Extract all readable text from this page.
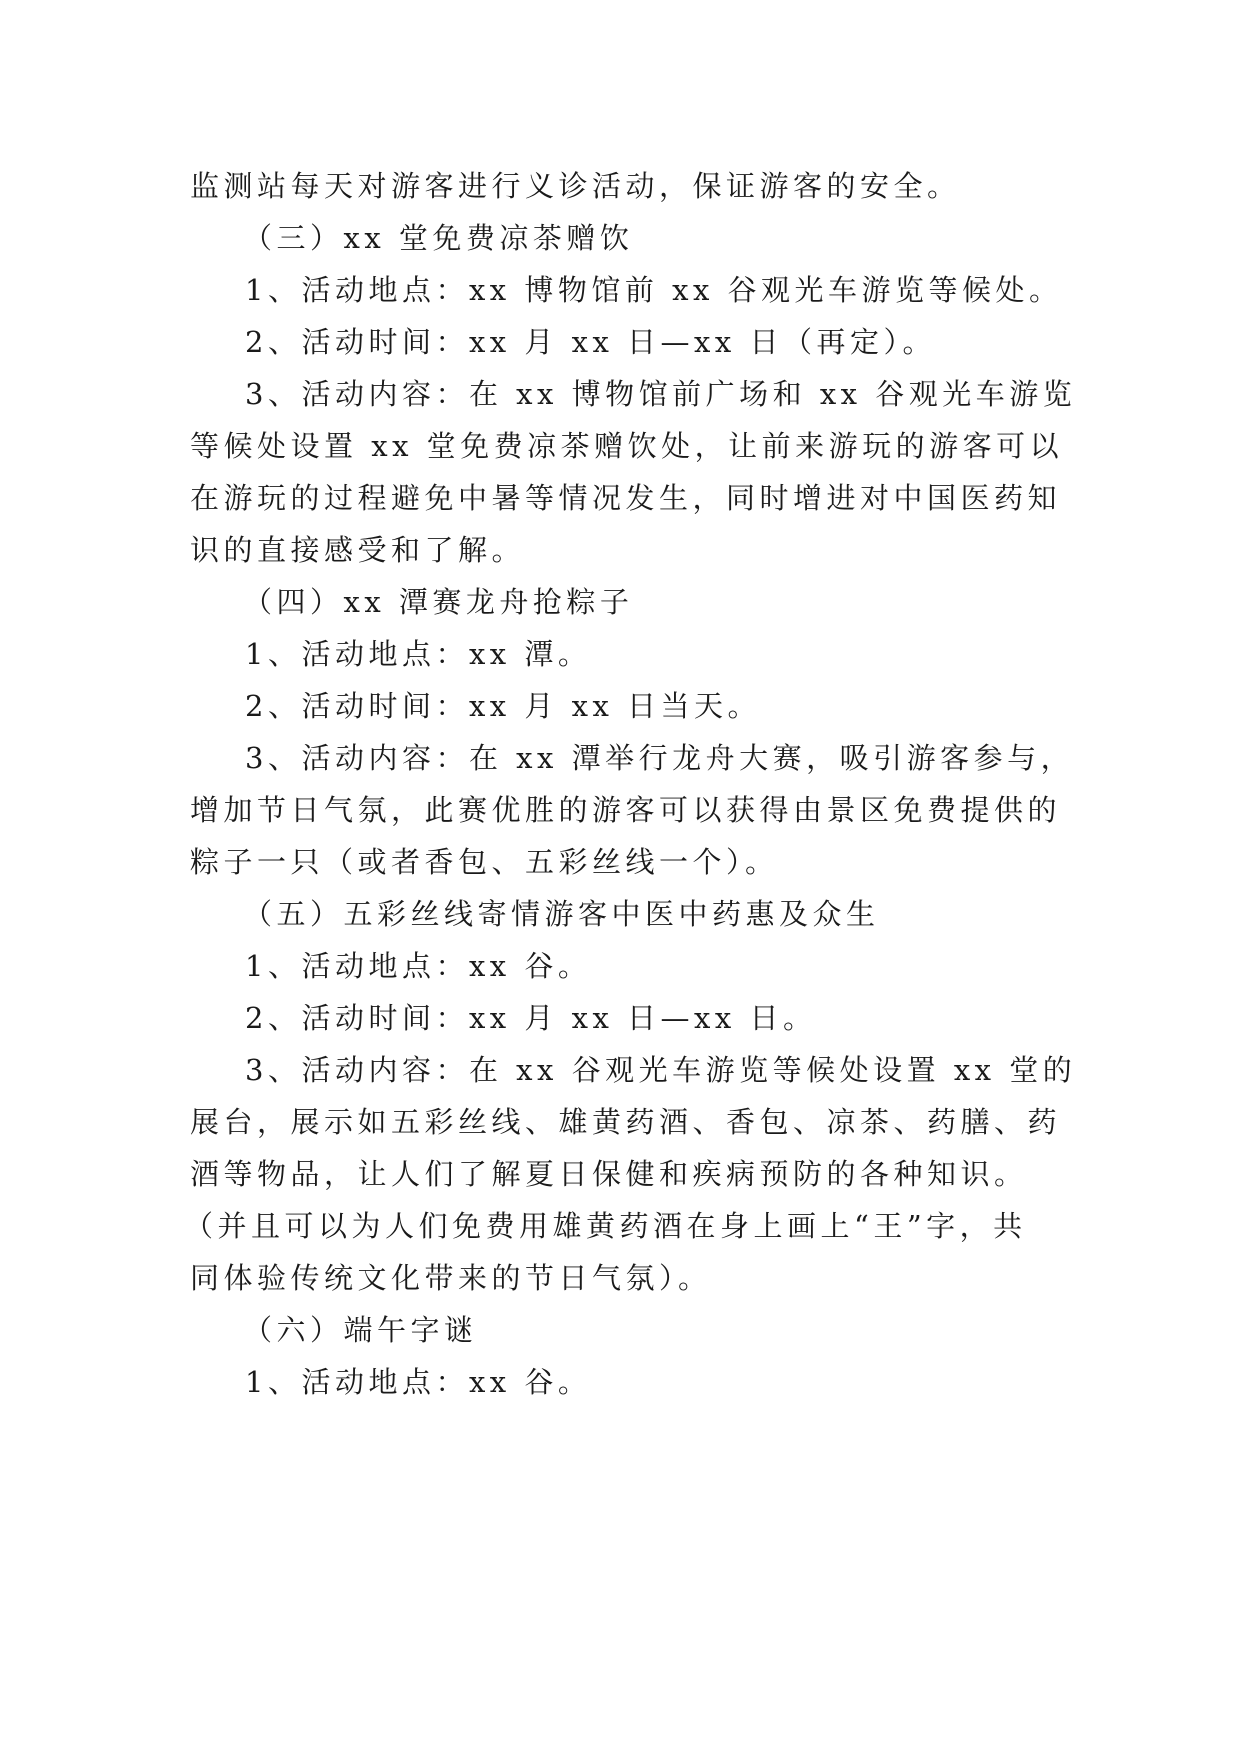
监测站每天对游客进行义诊活动，保证游客的安全。
（三）xx 堂免费凉茶赠饮
1、活动地点：xx 博物馆前 xx 谷观光车游览等候处。
2、活动时间：xx 月 xx 日—xx 日（再定）。
3、活动内容：在 xx 博物馆前广场和 xx 谷观光车游览
等候处设置 xx 堂免费凉茶赠饮处，让前来游玩的游客可以
在游玩的过程避免中暑等情况发生，同时增进对中国医药知
识的直接感受和了解。
（四）xx 潭赛龙舟抢粽子
1、活动地点：xx 潭。
2、活动时间：xx 月 xx 日当天。
3、活动内容：在 xx 潭举行龙舟大赛，吸引游客参与，
增加节日气氛，此赛优胜的游客可以获得由景区免费提供的
粽子一只（或者香包、五彩丝线一个）。
（五）五彩丝线寄情游客中医中药惠及众生
1、活动地点：xx 谷。
2、活动时间：xx 月 xx 日—xx 日。
3、活动内容：在 xx 谷观光车游览等候处设置 xx 堂的
展台，展示如五彩丝线、雄黄药酒、香包、凉茶、药膳、药
酒等物品，让人们了解夏日保健和疾病预防的各种知识。
（并且可以为人们免费用雄黄药酒在身上画上“王”字，共
同体验传统文化带来的节日气氛）。
（六）端午字谜
1、活动地点：xx 谷。
